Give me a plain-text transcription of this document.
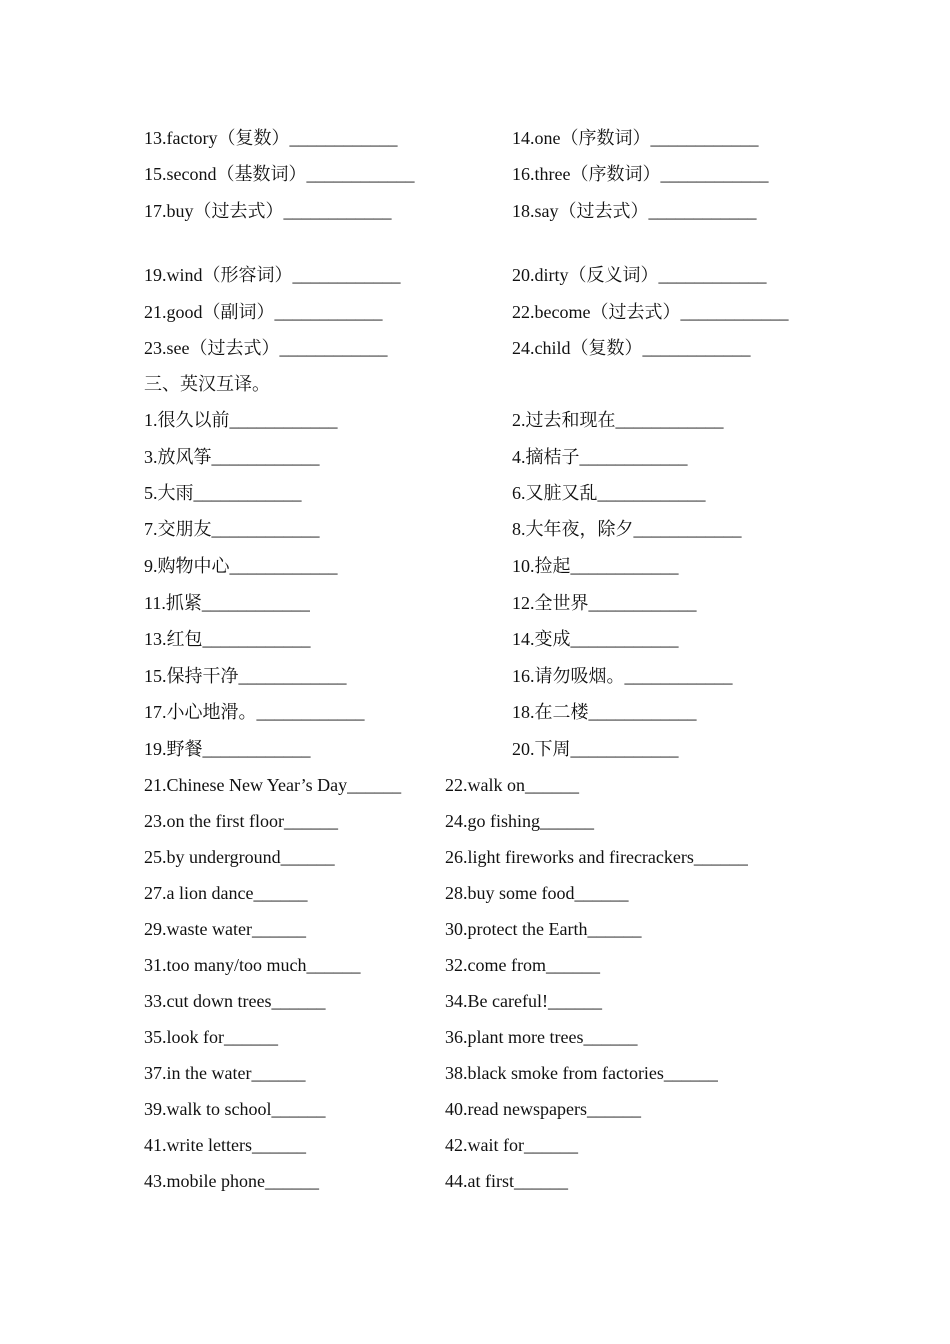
13.factory（复数）____________	14.one（序数词）____________
15.second（基数词）____________	16.three（序数词）____________
17.buy（过去式）____________	18.say（过去式）____________
19.wind（形容词）____________	20.dirty（反义词）____________
21.good（副词）____________	22.become（过去式）____________
23.see（过去式）____________	24.child（复数）____________
三、英汉互译。
1.很久以前____________	2.过去和现在____________
3.放风筝____________	4.摘桔子____________
5.大雨____________	6.又脏又乱____________
7.交朋友____________	8.大年夜，除夕____________
9.购物中心____________	10.捡起____________
11.抓紧____________	12.全世界____________
13.红包____________	14.变成____________
15.保持干净____________	16.请勿吸烟。____________
17.小心地滑。____________	18.在二楼____________
19.野餐____________	20.下周____________
21.Chinese New Year’s Day______ 22.walk on______
23.on the first floor______	24.go fishing______
25.by underground______	26.light fireworks and firecrackers______
27.a lion dance______	28.buy some food______
29.waste water______	30.protect the Earth______
31.too many/too much______	32.come from______
33.cut down trees______	34.Be careful!______
35.look for______	36.plant more trees______
37.in the water______	38.black smoke from factories______
39.walk to school______	40.read newspapers______
41.write letters______	42.wait for______
43.mobile phone______	44.at first______
